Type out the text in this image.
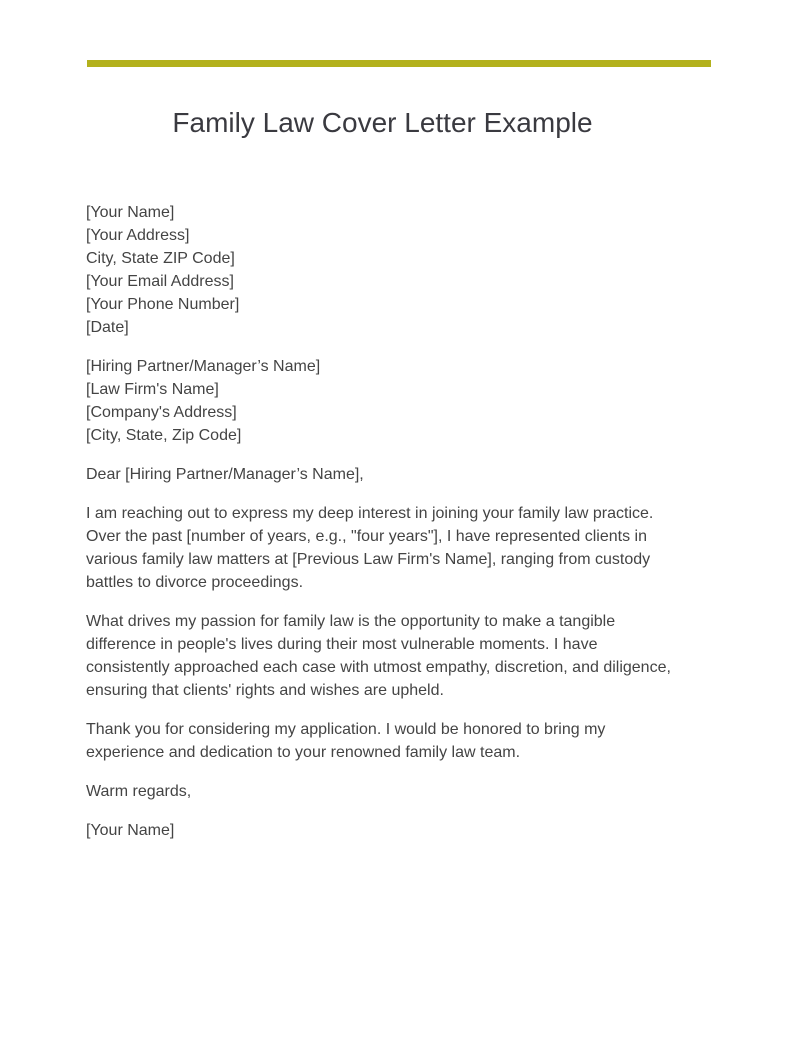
Family Law Cover Letter Example
[Your Name]
[Your Address]
City, State ZIP Code]
[Your Email Address]
[Your Phone Number]
[Date]
[Hiring Partner/Manager’s Name]
[Law Firm's Name]
[Company's Address]
[City, State, Zip Code]

Dear [Hiring Partner/Manager’s Name],

I am reaching out to express my deep interest in joining your family law practice.
Over the past [number of years, e.g., "four years"], I have represented clients in
various family law matters at [Previous Law Firm's Name], ranging from custody
battles to divorce proceedings.

What drives my passion for family law is the opportunity to make a tangible
difference in people's lives during their most vulnerable moments. I have
consistently approached each case with utmost empathy, discretion, and diligence,
ensuring that clients' rights and wishes are upheld.

Thank you for considering my application. I would be honored to bring my
experience and dedication to your renowned family law team.

Warm regards,

[Your Name]
